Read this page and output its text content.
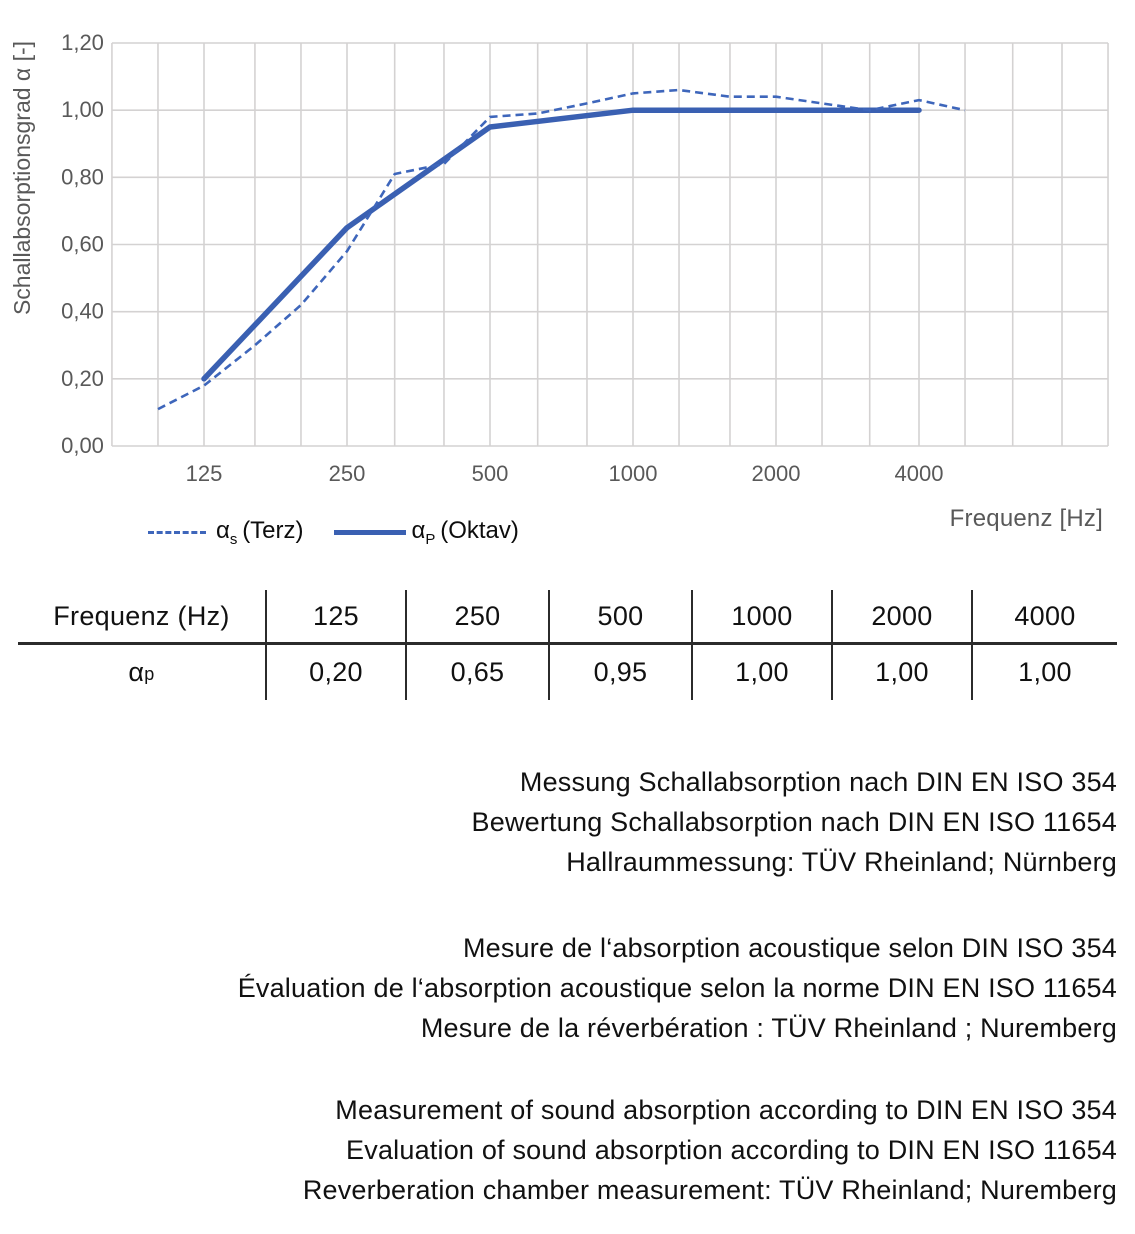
0,00
0,20
0,40
0,60
0,80
1,00
1,20
125	250	500	1000	2000	4000
Schallabsorptionsgrad α [-]
$\alpha_s$  (Terz)	$\alpha_P$  (Oktav)	Frequenz [Hz]
Frequenz (Hz)	125	250	500	1000	2000	4000
α p	0,20	0,65	0,95	1,00	1,00	1,00
Messung Schallabsorption nach DIN EN ISO 354
Bewertung Schallabsorption nach DIN EN ISO 11654
Hallraummessung: TÜV Rheinland; Nürnberg
Mesure de l‘absorption acoustique selon DIN ISO 354
Évaluation de l‘absorption acoustique selon la norme DIN EN ISO 11654
Mesure de la réverbération : TÜV Rheinland ; Nuremberg
Measurement of sound absorption according to DIN EN ISO 354
Evaluation of sound absorption according to DIN EN ISO 11654
Reverberation chamber measurement: TÜV Rheinland; Nuremberg
